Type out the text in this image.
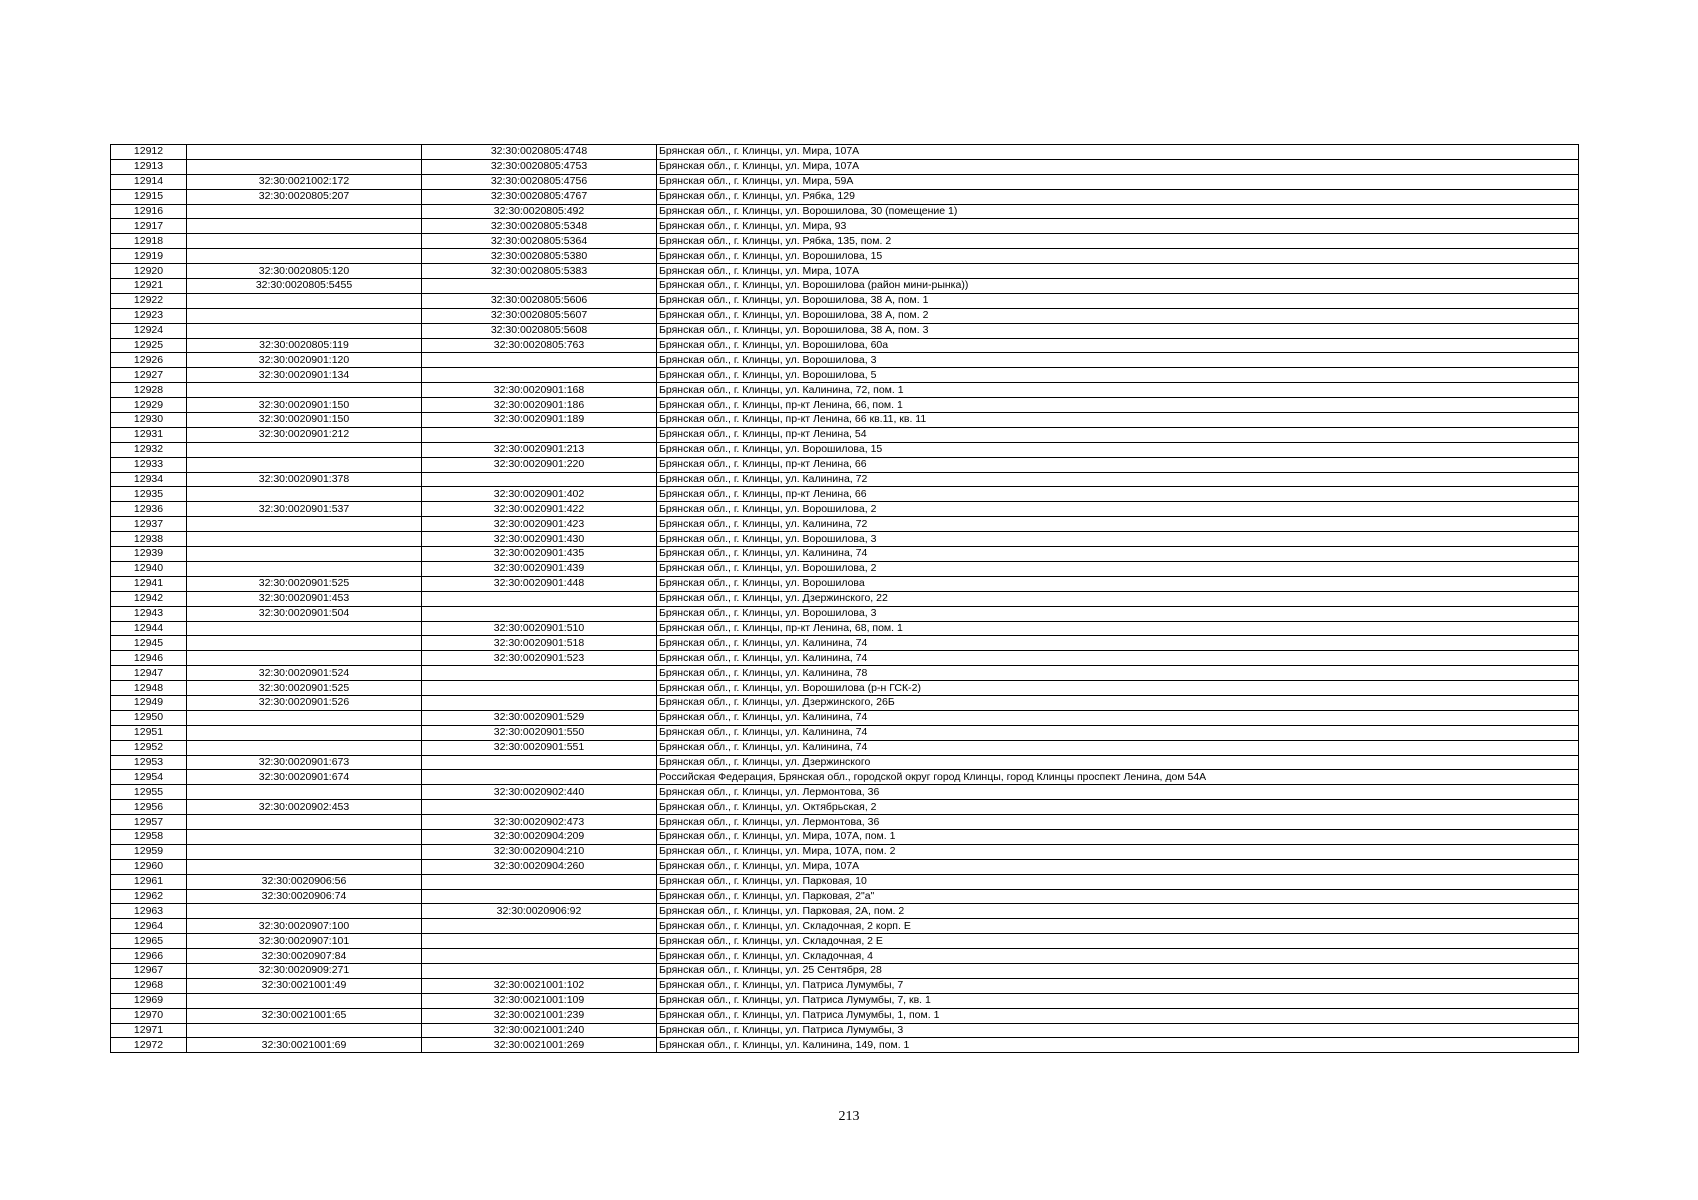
12912		32:30:0020805:4748	Брянская обл., г. Клинцы, ул. Мира, 107А
12913		32:30:0020805:4753	Брянская обл., г. Клинцы, ул. Мира, 107А
12914	32:30:0021002:172	32:30:0020805:4756	Брянская обл., г. Клинцы, ул. Мира, 59А
12915	32:30:0020805:207	32:30:0020805:4767	Брянская обл., г. Клинцы, ул. Рябка, 129
12916		32:30:0020805:492	Брянская обл., г. Клинцы, ул. Ворошилова, 30 (помещение 1)
12917		32:30:0020805:5348	Брянская обл., г. Клинцы, ул. Мира, 93
12918		32:30:0020805:5364	Брянская обл., г. Клинцы, ул. Рябка, 135, пом. 2
12919		32:30:0020805:5380	Брянская обл., г. Клинцы, ул. Ворошилова, 15
12920	32:30:0020805:120	32:30:0020805:5383	Брянская обл., г. Клинцы, ул. Мира, 107А
12921	32:30:0020805:5455		Брянская обл., г. Клинцы, ул. Ворошилова (район мини-рынка))
12922		32:30:0020805:5606	Брянская обл., г. Клинцы, ул. Ворошилова, 38 А, пом. 1
12923		32:30:0020805:5607	Брянская обл., г. Клинцы, ул. Ворошилова, 38 А, пом. 2
12924		32:30:0020805:5608	Брянская обл., г. Клинцы, ул. Ворошилова, 38 А, пом. 3
12925	32:30:0020805:119	32:30:0020805:763	Брянская обл., г. Клинцы, ул. Ворошилова, 60а
12926	32:30:0020901:120		Брянская обл., г. Клинцы, ул. Ворошилова, 3
12927	32:30:0020901:134		Брянская обл., г. Клинцы, ул. Ворошилова, 5
12928		32:30:0020901:168	Брянская обл., г. Клинцы, ул. Калинина, 72, пом. 1
12929	32:30:0020901:150	32:30:0020901:186	Брянская обл., г. Клинцы, пр-кт Ленина, 66, пом. 1
12930	32:30:0020901:150	32:30:0020901:189	Брянская обл., г. Клинцы, пр-кт Ленина, 66 кв.11, кв. 11
12931	32:30:0020901:212		Брянская обл., г. Клинцы, пр-кт Ленина, 54
12932		32:30:0020901:213	Брянская обл., г. Клинцы, ул. Ворошилова, 15
12933		32:30:0020901:220	Брянская обл., г. Клинцы, пр-кт Ленина, 66
12934	32:30:0020901:378		Брянская обл., г. Клинцы, ул. Калинина, 72
12935		32:30:0020901:402	Брянская обл., г. Клинцы, пр-кт Ленина, 66
12936	32:30:0020901:537	32:30:0020901:422	Брянская обл., г. Клинцы, ул. Ворошилова, 2
12937		32:30:0020901:423	Брянская обл., г. Клинцы, ул. Калинина, 72
12938		32:30:0020901:430	Брянская обл., г. Клинцы, ул. Ворошилова, 3
12939		32:30:0020901:435	Брянская обл., г. Клинцы, ул. Калинина, 74
12940		32:30:0020901:439	Брянская обл., г. Клинцы, ул. Ворошилова, 2
12941	32:30:0020901:525	32:30:0020901:448	Брянская обл., г. Клинцы, ул. Ворошилова
12942	32:30:0020901:453		Брянская обл., г. Клинцы, ул. Дзержинского, 22
12943	32:30:0020901:504		Брянская обл., г. Клинцы, ул. Ворошилова, 3
12944		32:30:0020901:510	Брянская обл., г. Клинцы, пр-кт Ленина, 68, пом. 1
12945		32:30:0020901:518	Брянская обл., г. Клинцы, ул. Калинина, 74
12946		32:30:0020901:523	Брянская обл., г. Клинцы, ул. Калинина, 74
12947	32:30:0020901:524		Брянская обл., г. Клинцы, ул. Калинина, 78
12948	32:30:0020901:525		Брянская обл., г. Клинцы, ул. Ворошилова (р-н ГСК-2)
12949	32:30:0020901:526		Брянская обл., г. Клинцы, ул. Дзержинского, 26Б
12950		32:30:0020901:529	Брянская обл., г. Клинцы, ул. Калинина, 74
12951		32:30:0020901:550	Брянская обл., г. Клинцы, ул. Калинина, 74
12952		32:30:0020901:551	Брянская обл., г. Клинцы, ул. Калинина, 74
12953	32:30:0020901:673		Брянская обл., г. Клинцы, ул. Дзержинского
12954	32:30:0020901:674		Российская Федерация, Брянская обл., городской округ город Клинцы, город Клинцы проспект Ленина, дом 54А
12955		32:30:0020902:440	Брянская обл., г. Клинцы, ул. Лермонтова, 36
12956	32:30:0020902:453		Брянская обл., г. Клинцы, ул. Октябрьская, 2
12957		32:30:0020902:473	Брянская обл., г. Клинцы, ул. Лермонтова, 36
12958		32:30:0020904:209	Брянская обл., г. Клинцы, ул. Мира, 107А, пом. 1
12959		32:30:0020904:210	Брянская обл., г. Клинцы, ул. Мира, 107А, пом. 2
12960		32:30:0020904:260	Брянская обл., г. Клинцы, ул. Мира, 107А
12961	32:30:0020906:56		Брянская обл., г. Клинцы, ул. Парковая, 10
12962	32:30:0020906:74		Брянская обл., г. Клинцы, ул. Парковая, 2"а"
12963		32:30:0020906:92	Брянская обл., г. Клинцы, ул. Парковая, 2А, пом. 2
12964	32:30:0020907:100		Брянская обл., г. Клинцы, ул. Складочная, 2 корп. Е
12965	32:30:0020907:101		Брянская обл., г. Клинцы, ул. Складочная, 2 Е
12966	32:30:0020907:84		Брянская обл., г. Клинцы, ул. Складочная, 4
12967	32:30:0020909:271		Брянская обл., г. Клинцы, ул. 25 Сентября, 28
12968	32:30:0021001:49	32:30:0021001:102	Брянская обл., г. Клинцы, ул. Патриса Лумумбы, 7
12969		32:30:0021001:109	Брянская обл., г. Клинцы, ул. Патриса Лумумбы, 7, кв. 1
12970	32:30:0021001:65	32:30:0021001:239	Брянская обл., г. Клинцы, ул. Патриса Лумумбы, 1, пом. 1
12971		32:30:0021001:240	Брянская обл., г. Клинцы, ул. Патриса Лумумбы, 3
12972	32:30:0021001:69	32:30:0021001:269	Брянская обл., г. Клинцы, ул. Калинина, 149, пом. 1
213
